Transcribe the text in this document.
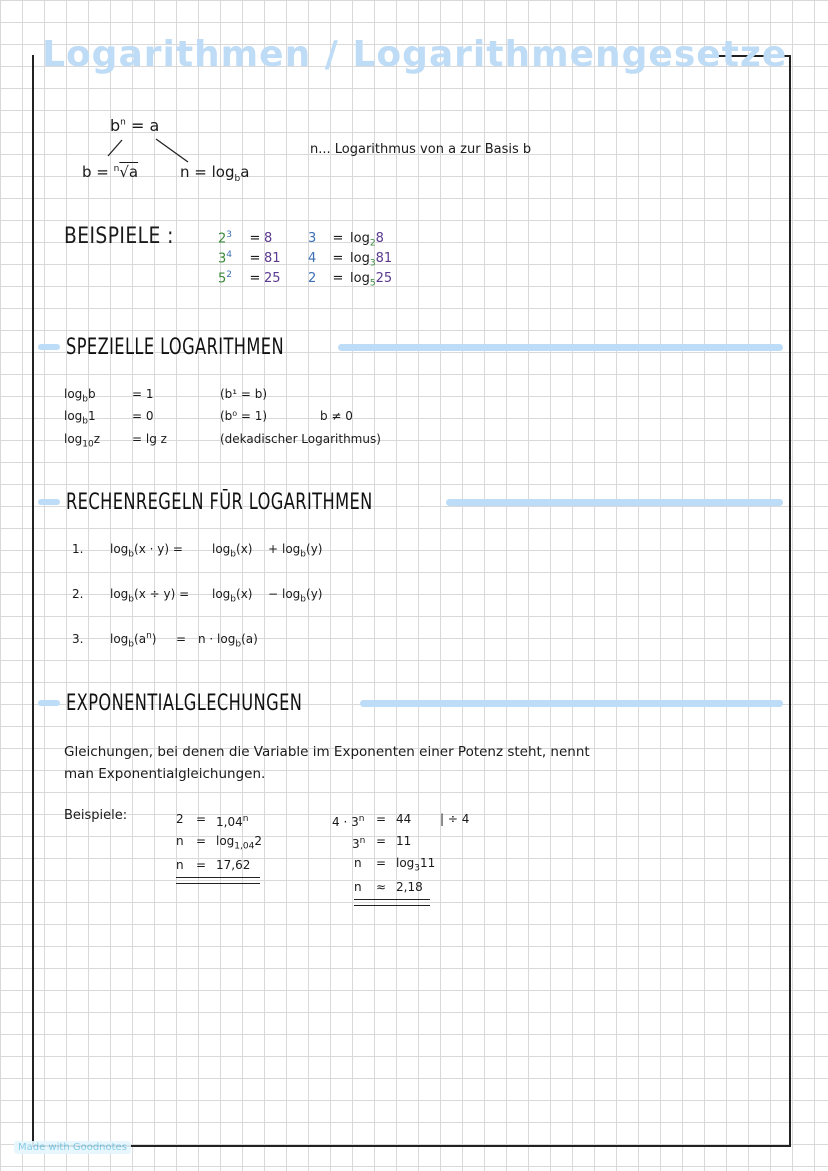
Logarithmen / Logarithmengesetze
$b^n = a$
b = $^n$√a	$n = \log_ba$
n... Logarithmus von a zur Basis b
BEISPIELE :	$2^3$	= 8	3	= $\log_28$
$3^4$	= 81	4	= $\log_381$
$5^2$	= 25	2	= $\log_525$
SPEZIELLE LOGARITHMEN
$\log_bb$	= 1	(b¹ = b)
$\log_b1$	= 0	(b⁰ = 1)	b ≠ 0
$\log_{10}z$	= lg z	(dekadischer Logarithmus)
RECHENREGELN FŪR LOGARITHMEN
1.	$\log_b(x \cdot y)$ =	$\log_b(x)$	+ $\log_b(y)$
2.	$\log_b(x \div y)$ =	$\log_b(x)$	− $\log_b(y)$
3.	$\log_b(a^n)$	= $n \cdot \log_b(a)$
EXPONENTIALGLECHUNGEN
Gleichungen, bei denen die Variable im Exponenten einer Potenz steht, nennt
man Exponentialgleichungen.
Beispiele:	2	= $1,04^n$
n	= $\log_{1,04}2$
n	= 17,62
$4 \cdot 3^n = 44$	| ÷ 4
$3^n = 11$
n	= $\log_311$
n	≈ 2,18
Made with Goodnotes
